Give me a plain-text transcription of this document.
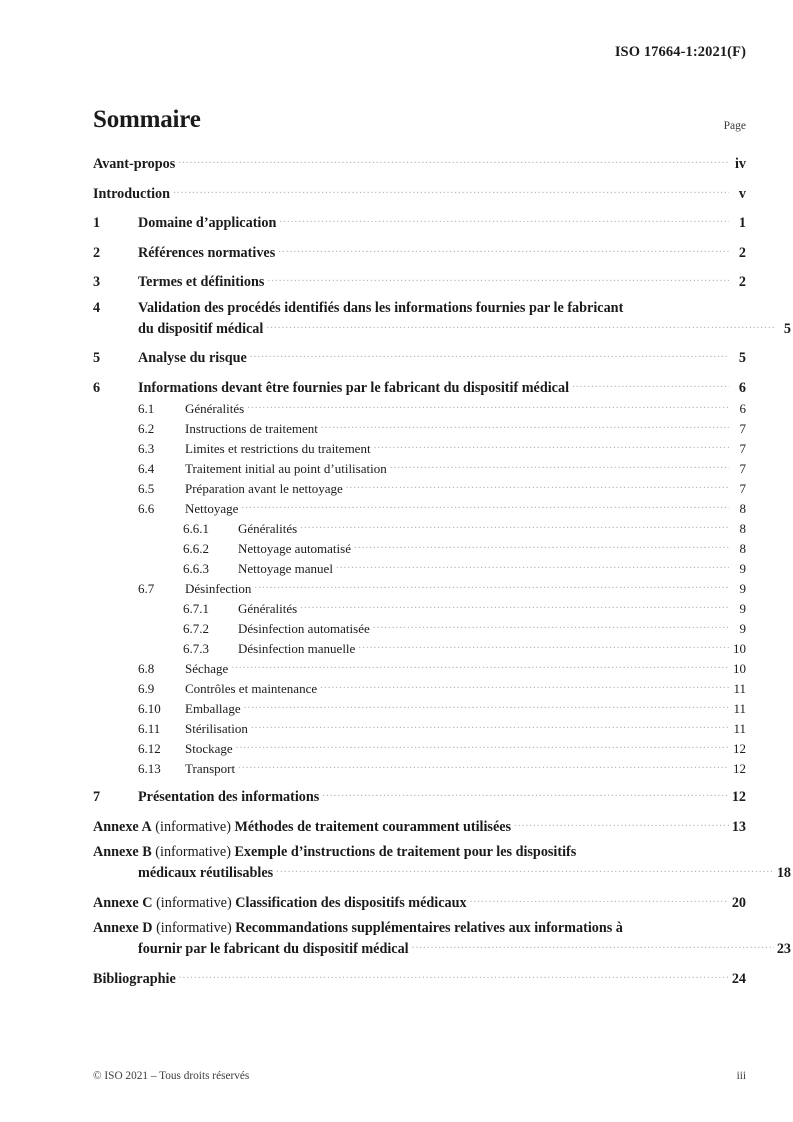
ISO 17664-1:2021(F)
Sommaire	Page
Avant-propos .....	iv
Introduction .....	v
1	Domaine d’application .....	1
2	Références normatives .....	2
3	Termes et définitions .....	2
4	Validation des procédés identifiés dans les informations fournies par le fabricant
du dispositif médical .....	5
5	Analyse du risque .....	5
6	Informations devant être fournies par le fabricant du dispositif médical .....	6
6.1	Généralités .....	6
6.2	Instructions de traitement .....	7
6.3	Limites et restrictions du traitement .....	7
6.4	Traitement initial au point d’utilisation .....	7
6.5	Préparation avant le nettoyage .....	7
6.6	Nettoyage .....	8
6.6.1	Généralités .....	8
6.6.2	Nettoyage automatisé .....	8
6.6.3	Nettoyage manuel .....	9
6.7	Désinfection .....	9
6.7.1	Généralités .....	9
6.7.2	Désinfection automatisée .....	9
6.7.3	Désinfection manuelle .....	10
6.8	Séchage .....	10
6.9	Contrôles et maintenance .....	11
6.10	Emballage .....	11
6.11	Stérilisation .....	11
6.12	Stockage .....	12
6.13	Transport .....	12
7	Présentation des informations .....	12
Annexe A (informative) Méthodes de traitement couramment utilisées .....	13
Annexe B (informative) Exemple d’instructions de traitement pour les dispositifs
médicaux réutilisables .....	18
Annexe C (informative) Classification des dispositifs médicaux .....	20
Annexe D (informative) Recommandations supplémentaires relatives aux informations à
fournir par le fabricant du dispositif médical .....	23
Bibliographie .....	24
© ISO 2021 – Tous droits réservés	iii
